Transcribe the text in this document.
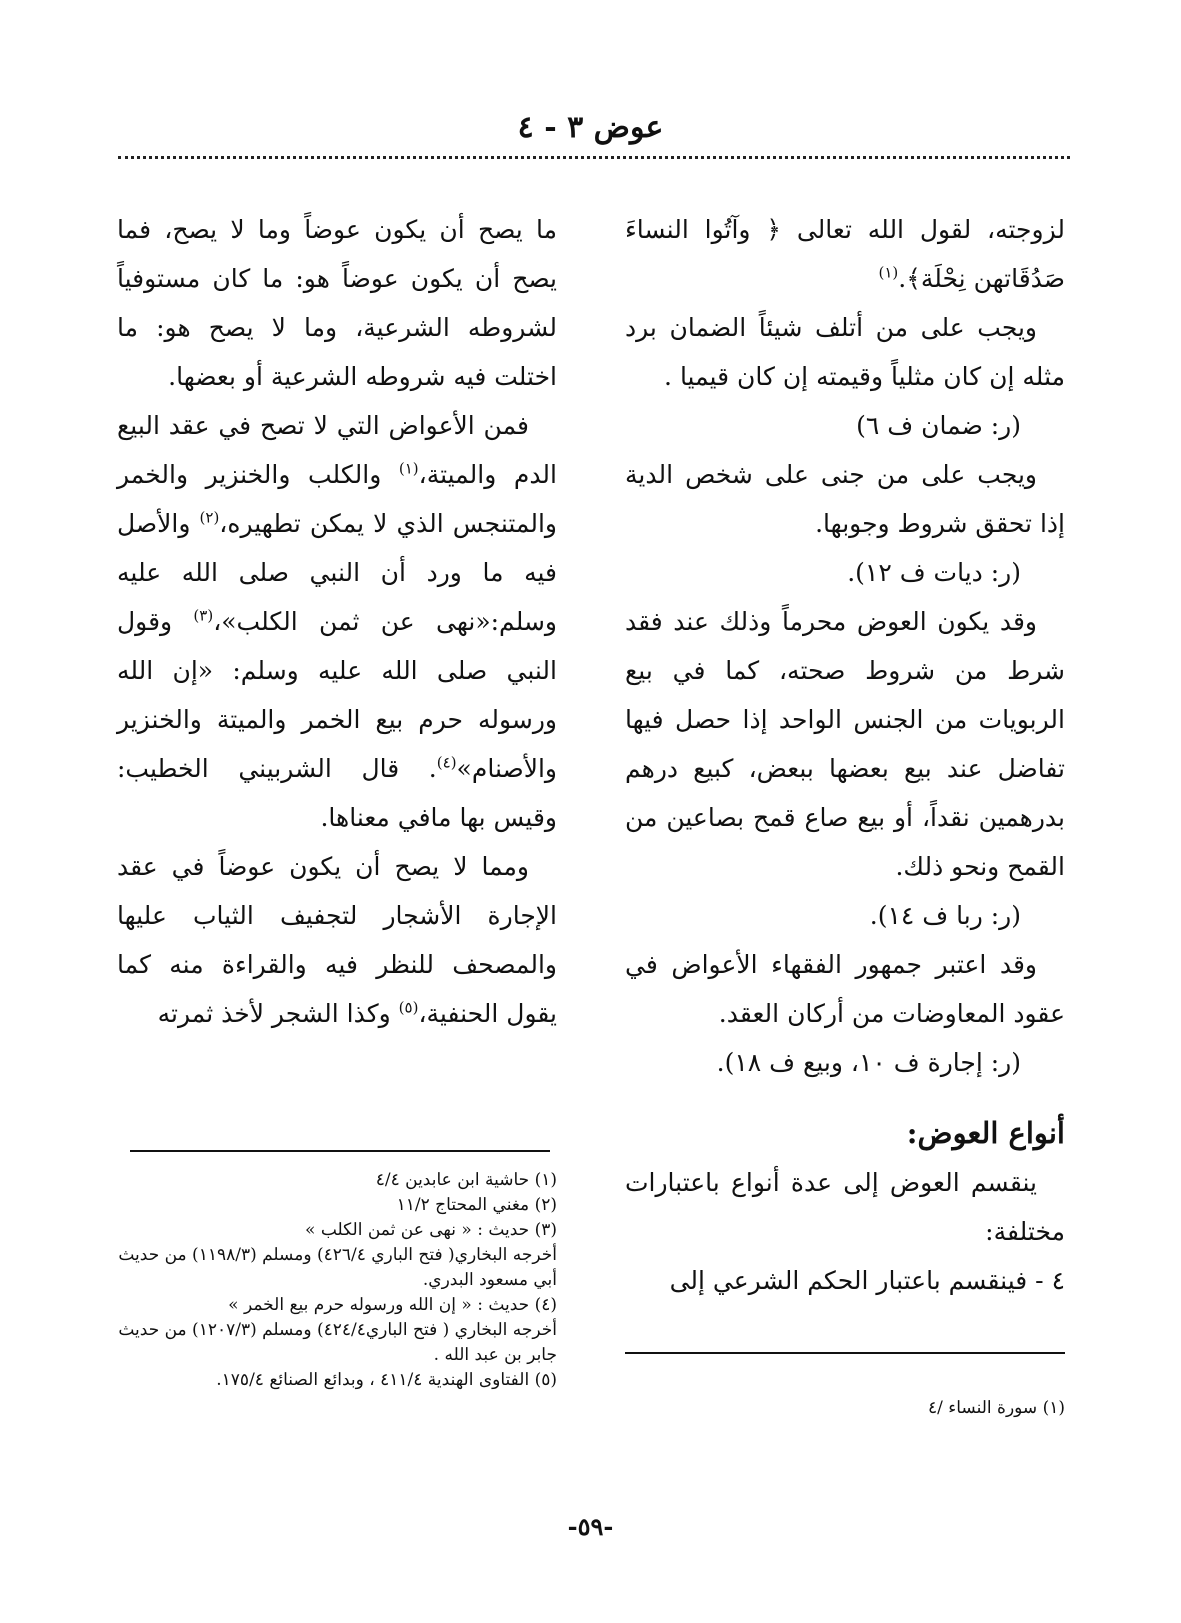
عوض ٣ - ٤

لزوجته، لقول الله تعالى ﴿ وآتُوا النساءَ صَدُقَاتهن نِحْلَة﴾.$^{(١)}$

ويجب على من أتلف شيئاً الضمان برد مثله إن كان مثلياً وقيمته إن كان قيميا .

(ر: ضمان ف ٦)

ويجب على من جنى على شخص الدية إذا تحقق شروط وجوبها.

(ر: ديات ف ١٢).

وقد يكون العوض محرماً وذلك عند فقد شرط من شروط صحته، كما في بيع الربويات من الجنس الواحد إذا حصل فيها تفاضل عند بيع بعضها ببعض، كبيع درهم بدرهمين نقداً، أو بيع صاع قمح بصاعين من القمح ونحو ذلك.

(ر: ربا ف ١٤).

وقد اعتبر جمهور الفقهاء الأعواض في عقود المعاوضات من أركان العقد.

(ر: إجارة ف ١٠، وبيع ف ١٨).

أنواع العوض:

ينقسم العوض إلى عدة أنواع باعتبارات مختلفة:

٤ - فينقسم باعتبار الحكم الشرعي إلى

ما يصح أن يكون عوضاً وما لا يصح، فما يصح أن يكون عوضاً هو: ما كان مستوفياً لشروطه الشرعية، وما لا يصح هو: ما اختلت فيه شروطه الشرعية أو بعضها.

فمن الأعواض التي لا تصح في عقد البيع الدم والميتة،$^{(١)}$ والكلب والخنزير والخمر والمتنجس الذي لا يمكن تطهيره،$^{(٢)}$ والأصل فيه ما ورد أن النبي صلى الله عليه وسلم:«نهى عن ثمن الكلب»،$^{(٣)}$ وقول النبي صلى الله عليه وسلم: «إن الله ورسوله حرم بيع الخمر والميتة والخنزير والأصنام»$^{(٤)}$. قال الشربيني الخطيب: وقيس بها مافي معناها.

ومما لا يصح أن يكون عوضاً في عقد الإجارة الأشجار لتجفيف الثياب عليها والمصحف للنظر فيه والقراءة منه كما يقول الحنفية،$^{(٥)}$ وكذا الشجر لأخذ ثمرته

(١) حاشية ابن عابدين ٤/٤
(٢) مغني المحتاج ١١/٢
(٣) حديث : « نهى عن ثمن الكلب »
أخرجه البخاري( فتح الباري ٤٢٦/٤) ومسلم (١١٩٨/٣) من حديث أبي مسعود البدري.
(٤) حديث : « إن الله ورسوله حرم بيع الخمر »
أخرجه البخاري ( فتح الباري٤٢٤/٤) ومسلم (١٢٠٧/٣) من حديث جابر بن عبد الله .
(٥) الفتاوى الهندية ٤١١/٤ ، وبدائع الصنائع ١٧٥/٤.
(١) سورة النساء /٤
-٥٩-
